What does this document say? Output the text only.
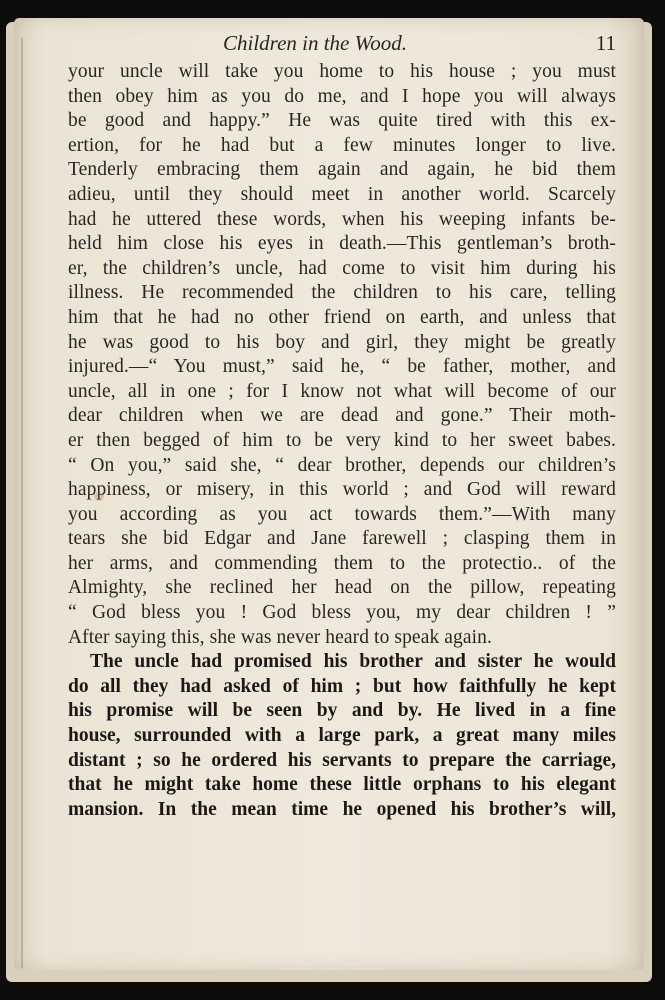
Children in the Wood.	11
your uncle will take you home to his house ; you must
then obey him as you do me, and I hope you will always
be good and happy.” He was quite tired with this ex-
ertion, for he had but a few minutes longer to live.
Tenderly embracing them again and again, he bid them
adieu, until they should meet in another world. Scarcely
had he uttered these words, when his weeping infants be-
held him close his eyes in death.—This gentleman’s broth-
er, the children’s uncle, had come to visit him during his
illness. He recommended the children to his care, telling
him that he had no other friend on earth, and unless that
he was good to his boy and girl, they might be greatly
injured.—“ You must,” said he, “ be father, mother, and
uncle, all in one ; for I know not what will become of our
dear children when we are dead and gone.” Their moth-
er then begged of him to be very kind to her sweet babes.
“ On you,” said she, “ dear brother, depends our children’s
happiness, or misery, in this world ; and God will reward
you according as you act towards them.”—With many
tears she bid Edgar and Jane farewell ; clasping them in
her arms, and commending them to the protectio.. of the
Almighty, she reclined her head on the pillow, repeating
“ God bless you ! God bless you, my dear children ! ”
After saying this, she was never heard to speak again.
The uncle had promised his brother and sister he would
do all they had asked of him ; but how faithfully he kept
his promise will be seen by and by. He lived in a fine
house, surrounded with a large park, a great many miles
distant ; so he ordered his servants to prepare the carriage,
that he might take home these little orphans to his elegant
mansion. In the mean time he opened his brother’s will,
